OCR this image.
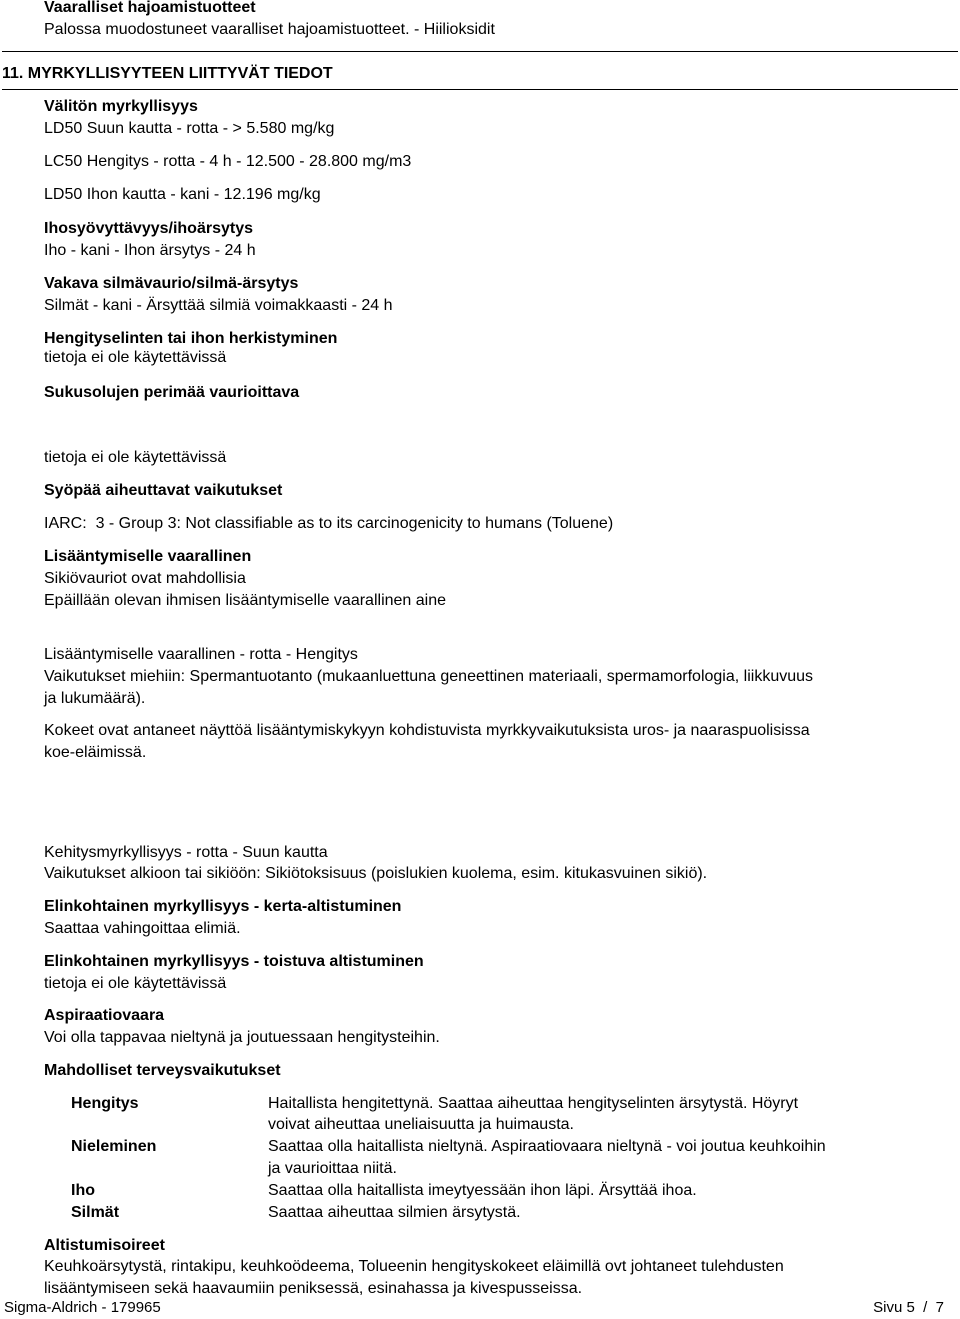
Vaaralliset hajoamistuotteet
Palossa muodostuneet vaaralliset hajoamistuotteet. - Hiilioksidit
11. MYRKYLLISYYTEEN LIITTYVÄT TIEDOT
Välitön myrkyllisyys
LD50 Suun kautta - rotta - > 5.580 mg/kg
LC50 Hengitys - rotta - 4 h - 12.500 - 28.800 mg/m3
LD50 Ihon kautta - kani - 12.196 mg/kg
Ihosyövyttävyys/ihoärsytys
Iho - kani - Ihon ärsytys - 24 h
Vakava silmävaurio/silmä-ärsytys
Silmät - kani - Ärsyttää silmiä voimakkaasti - 24 h
Hengityselinten tai ihon herkistyminen
tietoja ei ole käytettävissä
Sukusolujen perimää vaurioittava
tietoja ei ole käytettävissä
Syöpää aiheuttavat vaikutukset
IARC:  3 - Group 3: Not classifiable as to its carcinogenicity to humans (Toluene)
Lisääntymiselle vaarallinen
Sikiövauriot ovat mahdollisia
Epäillään olevan ihmisen lisääntymiselle vaarallinen aine
Lisääntymiselle vaarallinen - rotta - Hengitys
Vaikutukset miehiin: Spermantuotanto (mukaanluettuna geneettinen materiaali, spermamorfologia, liikkuvuus
ja lukumäärä).
Kokeet ovat antaneet näyttöä lisääntymiskykyyn kohdistuvista myrkkyvaikutuksista uros- ja naaraspuolisissa
koe-eläimissä.
Kehitysmyrkyllisyys - rotta - Suun kautta
Vaikutukset alkioon tai sikiöön: Sikiötoksisuus (poislukien kuolema, esim. kitukasvuinen sikiö).
Elinkohtainen myrkyllisyys - kerta-altistuminen
Saattaa vahingoittaa elimiä.
Elinkohtainen myrkyllisyys - toistuva altistuminen
tietoja ei ole käytettävissä
Aspiraatiovaara
Voi olla tappavaa nieltynä ja joutuessaan hengitysteihin.
Mahdolliset terveysvaikutukset
Hengitys	Haitallista hengitettynä. Saattaa aiheuttaa hengityselinten ärsytystä. Höyryt
voivat aiheuttaa uneliaisuutta ja huimausta.
Nieleminen	Saattaa olla haitallista nieltynä. Aspiraatiovaara nieltynä - voi joutua keuhkoihin
ja vaurioittaa niitä.
Iho	Saattaa olla haitallista imeytyessään ihon läpi. Ärsyttää ihoa.
Silmät	Saattaa aiheuttaa silmien ärsytystä.
Altistumisoireet
Keuhkoärsytystä, rintakipu, keuhkoödeema, Tolueenin hengityskokeet eläimillä ovt johtaneet tulehdusten
lisääntymiseen sekä haavaumiin peniksessä, esinahassa ja kivespusseissa.
Sigma-Aldrich - 179965	Sivu 5  /  7
